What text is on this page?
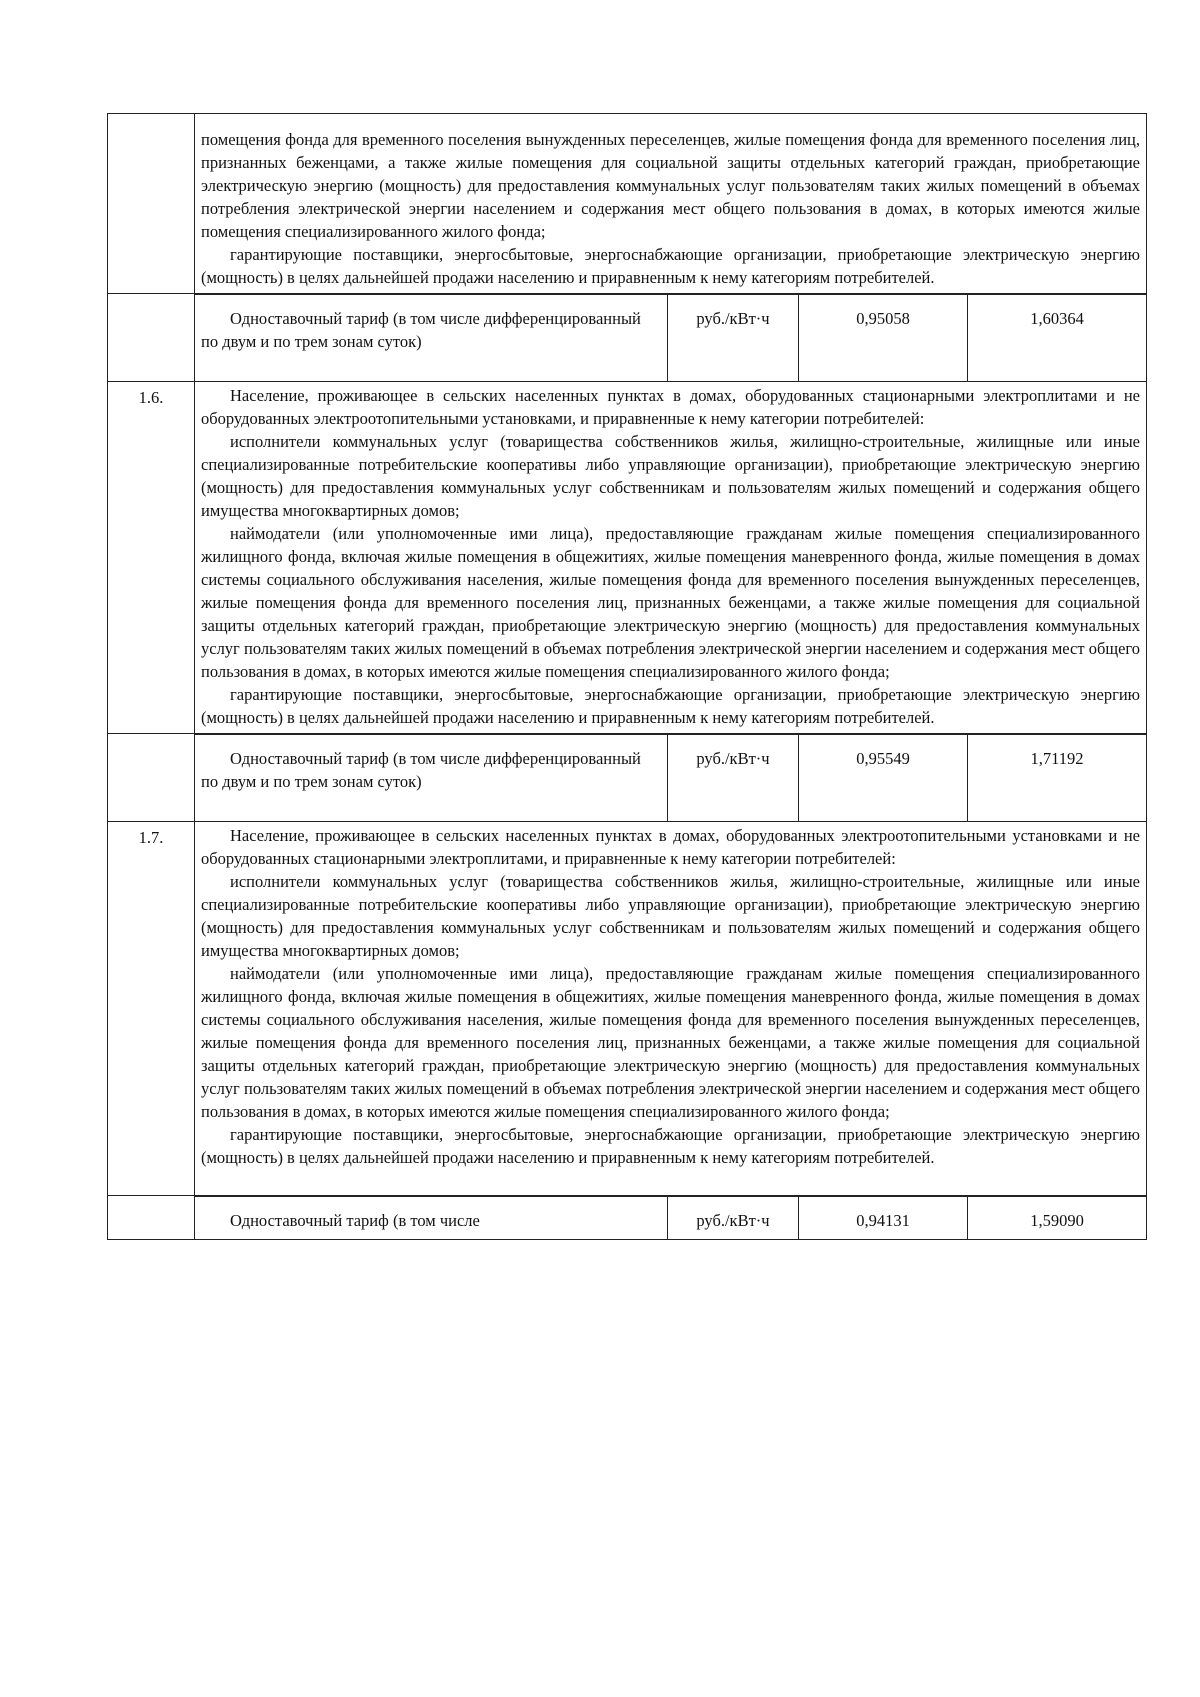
помещения фонда для временного поселения вынужденных переселенцев, жилые помещения фонда для временного поселения лиц, признанных беженцами, а также жилые помещения для социальной защиты отдельных категорий граждан, приобретающие электрическую энергию (мощность) для предоставления коммунальных услуг пользователям таких жилых помещений в объемах потребления электрической энергии населением и содержания мест общего пользования в домах, в которых имеются жилые помещения специализированного жилого фонда;

гарантирующие поставщики, энергосбытовые, энергоснабжающие организации, приобретающие электрическую энергию (мощность) в целях дальнейшей продажи населению и приравненным к нему категориям потребителей.

Одноставочный тариф (в том числе дифференцированный по двум и по трем зонам суток)	руб./кВт·ч	0,95058	1,60364

1.6.	Население, проживающее в сельских населенных пунктах в домах, оборудованных стационарными электроплитами и не оборудованных электроотопительными установками, и приравненные к нему категории потребителей:

исполнители коммунальных услуг (товарищества собственников жилья, жилищно-строительные, жилищные или иные специализированные потребительские кооперативы либо управляющие организации), приобретающие электрическую энергию (мощность) для предоставления коммунальных услуг собственникам и пользователям жилых помещений и содержания общего имущества многоквартирных домов;

наймодатели (или уполномоченные ими лица), предоставляющие гражданам жилые помещения специализированного жилищного фонда, включая жилые помещения в общежитиях, жилые помещения маневренного фонда, жилые помещения в домах системы социального обслуживания населения, жилые помещения фонда для временного поселения вынужденных переселенцев, жилые помещения фонда для временного поселения лиц, признанных беженцами, а также жилые помещения для социальной защиты отдельных категорий граждан, приобретающие электрическую энергию (мощность) для предоставления коммунальных услуг пользователям таких жилых помещений в объемах потребления электрической энергии населением и содержания мест общего пользования в домах, в которых имеются жилые помещения специализированного жилого фонда;

гарантирующие поставщики, энергосбытовые, энергоснабжающие организации, приобретающие электрическую энергию (мощность) в целях дальнейшей продажи населению и приравненным к нему категориям потребителей.

Одноставочный тариф (в том числе дифференцированный по двум и по трем зонам суток)	руб./кВт·ч	0,95549	1,71192

1.7.	Население, проживающее в сельских населенных пунктах в домах, оборудованных электроотопительными установками и не оборудованных стационарными электроплитами, и приравненные к нему категории потребителей:

исполнители коммунальных услуг (товарищества собственников жилья, жилищно-строительные, жилищные или иные специализированные потребительские кооперативы либо управляющие организации), приобретающие электрическую энергию (мощность) для предоставления коммунальных услуг собственникам и пользователям жилых помещений и содержания общего имущества многоквартирных домов;

наймодатели (или уполномоченные ими лица), предоставляющие гражданам жилые помещения специализированного жилищного фонда, включая жилые помещения в общежитиях, жилые помещения маневренного фонда, жилые помещения в домах системы социального обслуживания населения, жилые помещения фонда для временного поселения вынужденных переселенцев, жилые помещения фонда для временного поселения лиц, признанных беженцами, а также жилые помещения для социальной защиты отдельных категорий граждан, приобретающие электрическую энергию (мощность) для предоставления коммунальных услуг пользователям таких жилых помещений в объемах потребления электрической энергии населением и содержания мест общего пользования в домах, в которых имеются жилые помещения специализированного жилого фонда;

гарантирующие поставщики, энергосбытовые, энергоснабжающие организации, приобретающие электрическую энергию (мощность) в целях дальнейшей продажи населению и приравненным к нему категориям потребителей.

Одноставочный тариф (в том числе	руб./кВт·ч	0,94131	1,59090
